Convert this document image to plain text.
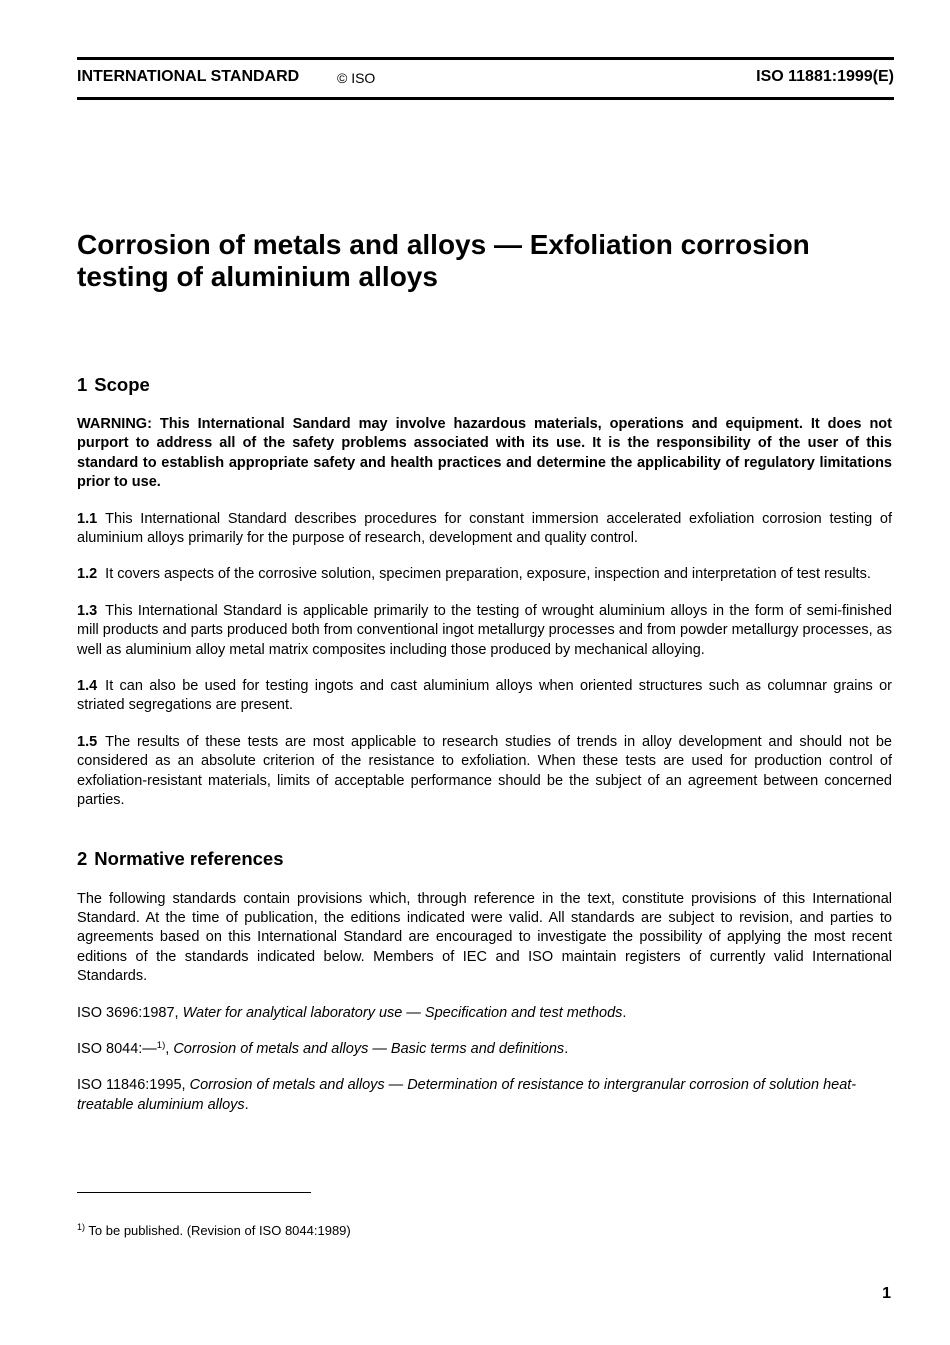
INTERNATIONAL STANDARD	© ISO	ISO 11881:1999(E)
Corrosion of metals and alloys — Exfoliation corrosion testing of aluminium alloys
1 Scope

WARNING: This International Sandard may involve hazardous materials, operations and equipment. It does not purport to address all of the safety problems associated with its use. It is the responsibility of the user of this standard to establish appropriate safety and health practices and determine the applicability of regulatory limitations prior to use.

1.1 This International Standard describes procedures for constant immersion accelerated exfoliation corrosion testing of aluminium alloys primarily for the purpose of research, development and quality control.

1.2 It covers aspects of the corrosive solution, specimen preparation, exposure, inspection and interpretation of test results.

1.3 This International Standard is applicable primarily to the testing of wrought aluminium alloys in the form of semi-finished mill products and parts produced both from conventional ingot metallurgy processes and from powder metallurgy processes, as well as aluminium alloy metal matrix composites including those produced by mechanical alloying.

1.4 It can also be used for testing ingots and cast aluminium alloys when oriented structures such as columnar grains or striated segregations are present.

1.5 The results of these tests are most applicable to research studies of trends in alloy development and should not be considered as an absolute criterion of the resistance to exfoliation. When these tests are used for production control of exfoliation-resistant materials, limits of acceptable performance should be the subject of an agreement between concerned parties.

2 Normative references

The following standards contain provisions which, through reference in the text, constitute provisions of this International Standard. At the time of publication, the editions indicated were valid. All standards are subject to revision, and parties to agreements based on this International Standard are encouraged to investigate the possibility of applying the most recent editions of the standards indicated below. Members of IEC and ISO maintain registers of currently valid International Standards.

ISO 3696:1987, Water for analytical laboratory use — Specification and test methods.

ISO 8044:—$^{1)}$, Corrosion of metals and alloys — Basic terms and definitions.

ISO 11846:1995, Corrosion of metals and alloys — Determination of resistance to intergranular corrosion of solution heat-treatable aluminium alloys.

$^{1)}$ To be published. (Revision of ISO 8044:1989)
1
